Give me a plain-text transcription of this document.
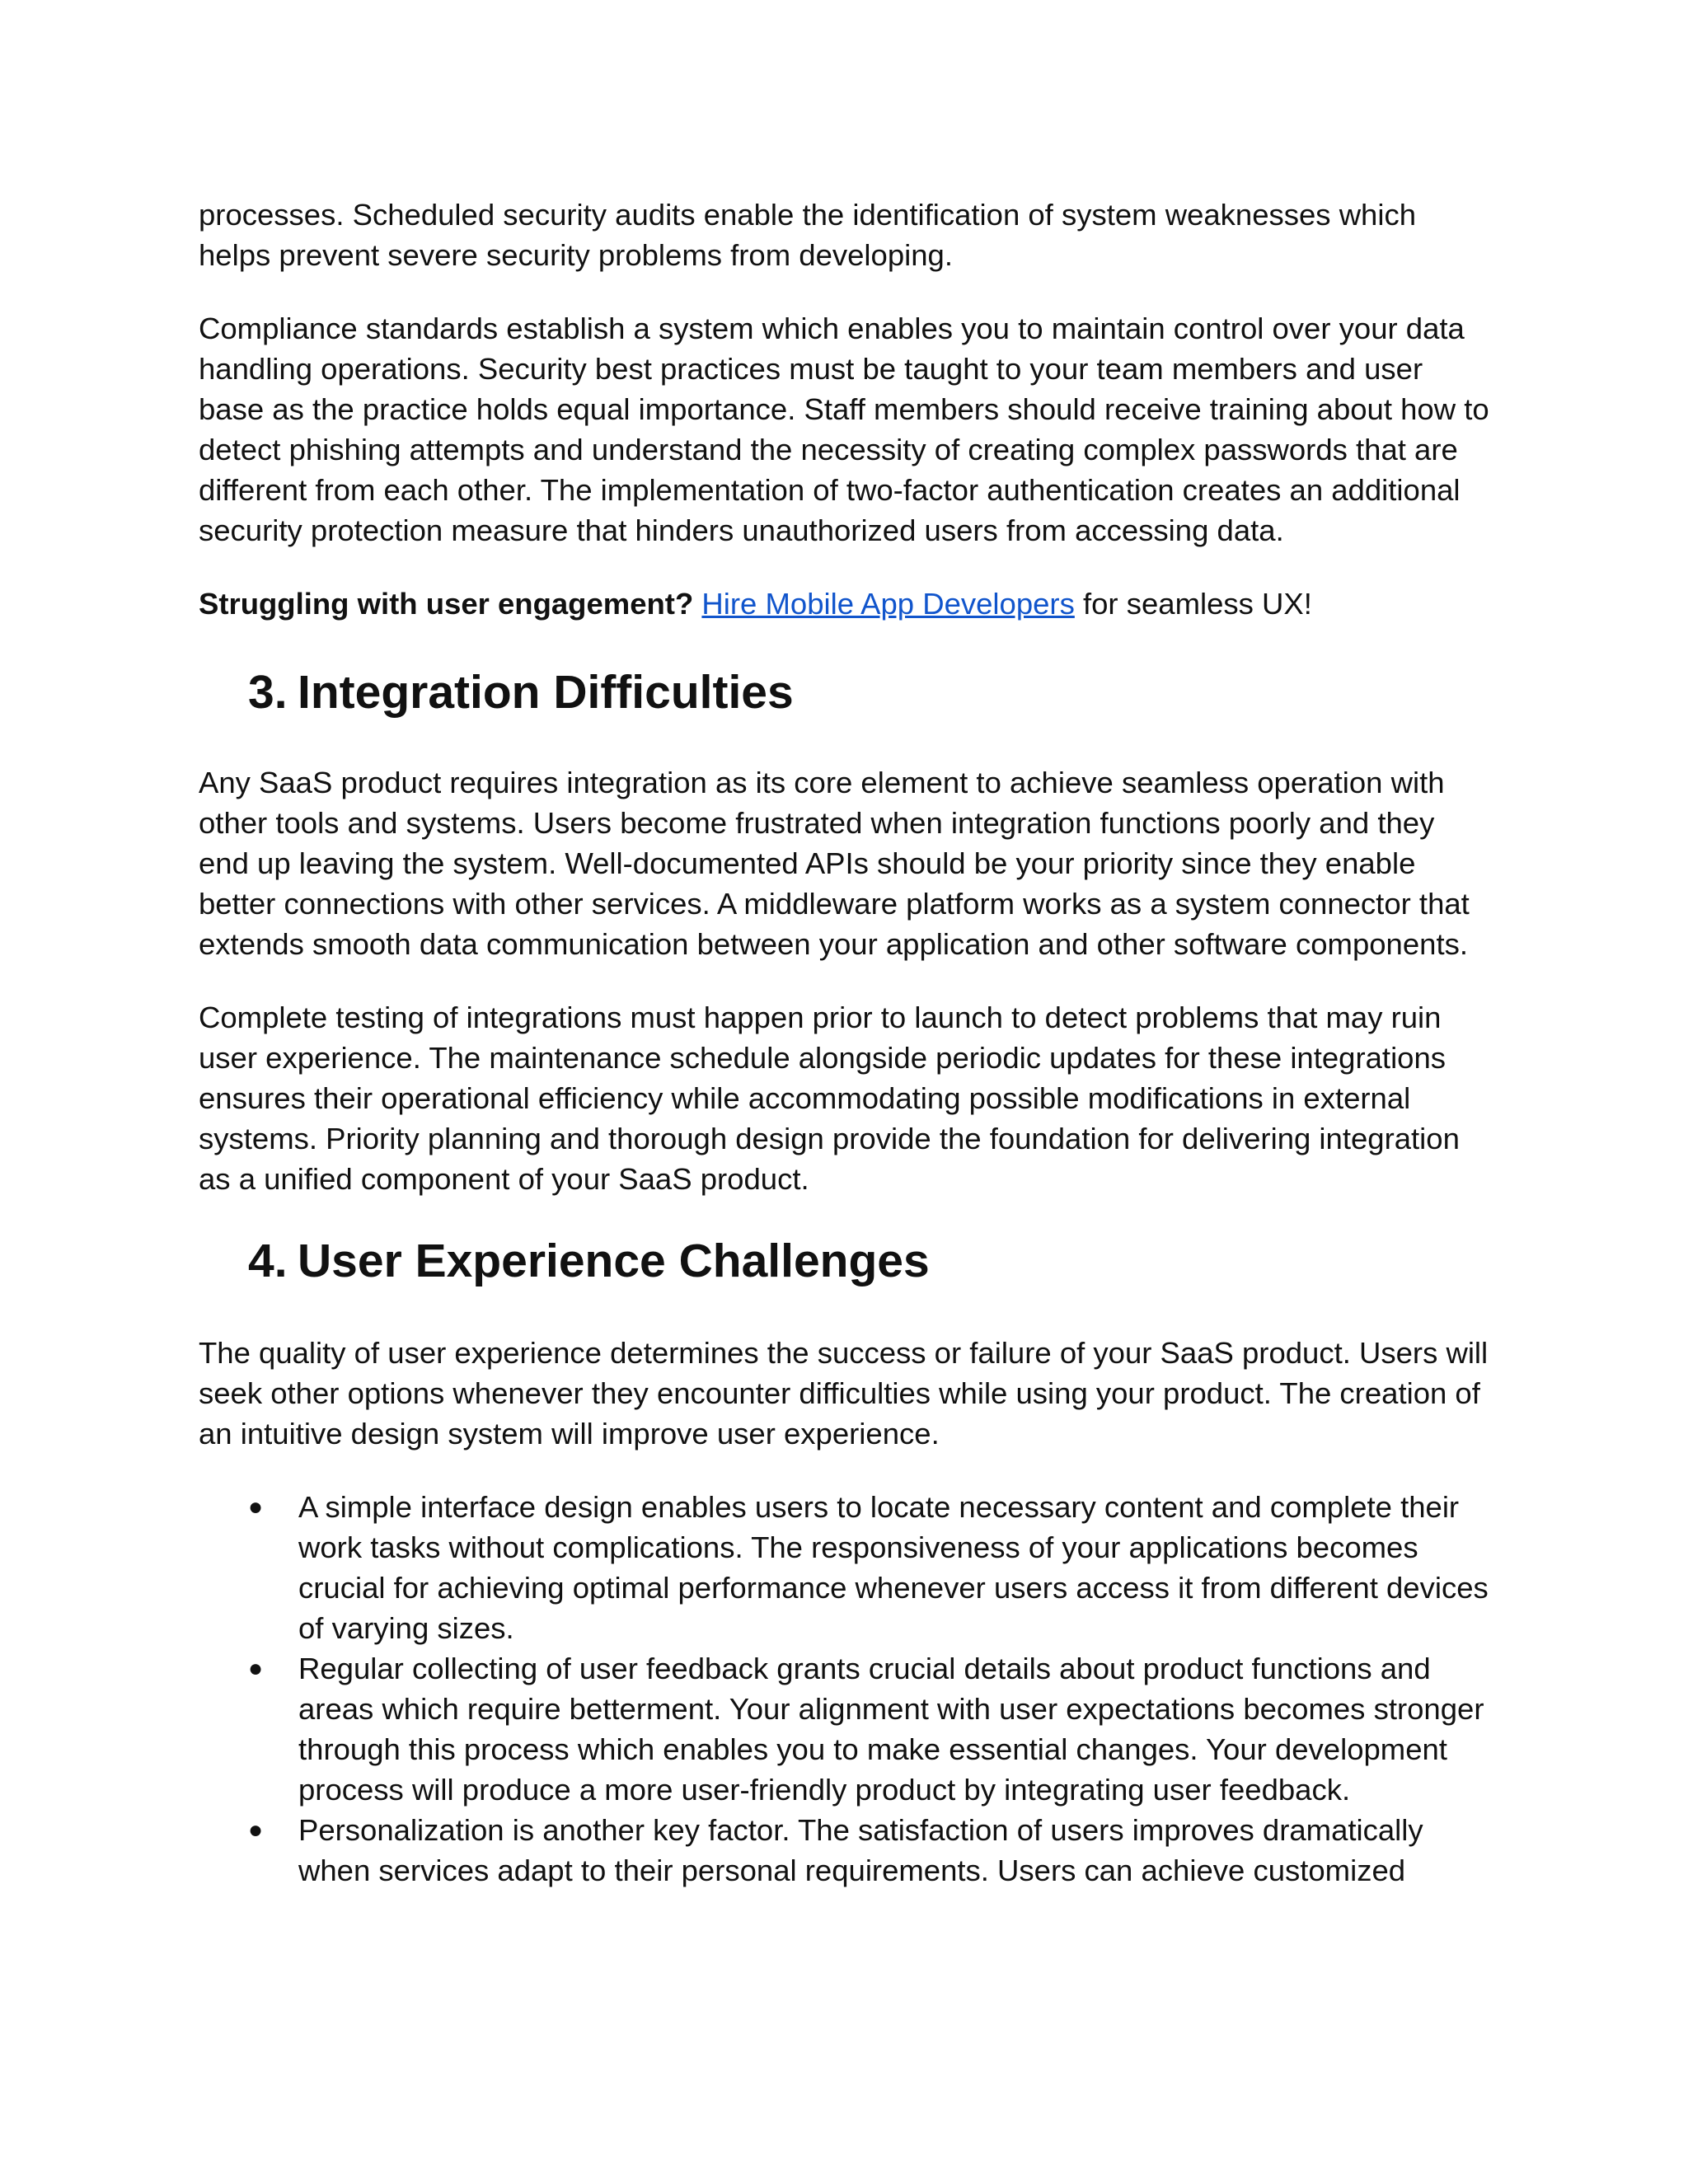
processes. Scheduled security audits enable the identification of system weaknesses which helps prevent severe security problems from developing.

Compliance standards establish a system which enables you to maintain control over your data handling operations. Security best practices must be taught to your team members and user base as the practice holds equal importance. Staff members should receive training about how to detect phishing attempts and understand the necessity of creating complex passwords that are different from each other. The implementation of two-factor authentication creates an additional security protection measure that hinders unauthorized users from accessing data.

Struggling with user engagement? Hire Mobile App Developers for seamless UX!

3. Integration Difficulties

Any SaaS product requires integration as its core element to achieve seamless operation with other tools and systems. Users become frustrated when integration functions poorly and they end up leaving the system. Well-documented APIs should be your priority since they enable better connections with other services. A middleware platform works as a system connector that extends smooth data communication between your application and other software components.

Complete testing of integrations must happen prior to launch to detect problems that may ruin user experience. The maintenance schedule alongside periodic updates for these integrations ensures their operational efficiency while accommodating possible modifications in external systems. Priority planning and thorough design provide the foundation for delivering integration as a unified component of your SaaS product.

4. User Experience Challenges

The quality of user experience determines the success or failure of your SaaS product. Users will seek other options whenever they encounter difficulties while using your product. The creation of an intuitive design system will improve user experience.

● A simple interface design enables users to locate necessary content and complete their work tasks without complications. The responsiveness of your applications becomes crucial for achieving optimal performance whenever users access it from different devices of varying sizes.
● Regular collecting of user feedback grants crucial details about product functions and areas which require betterment. Your alignment with user expectations becomes stronger through this process which enables you to make essential changes. Your development process will produce a more user-friendly product by integrating user feedback.
● Personalization is another key factor. The satisfaction of users improves dramatically when services adapt to their personal requirements. Users can achieve customized
